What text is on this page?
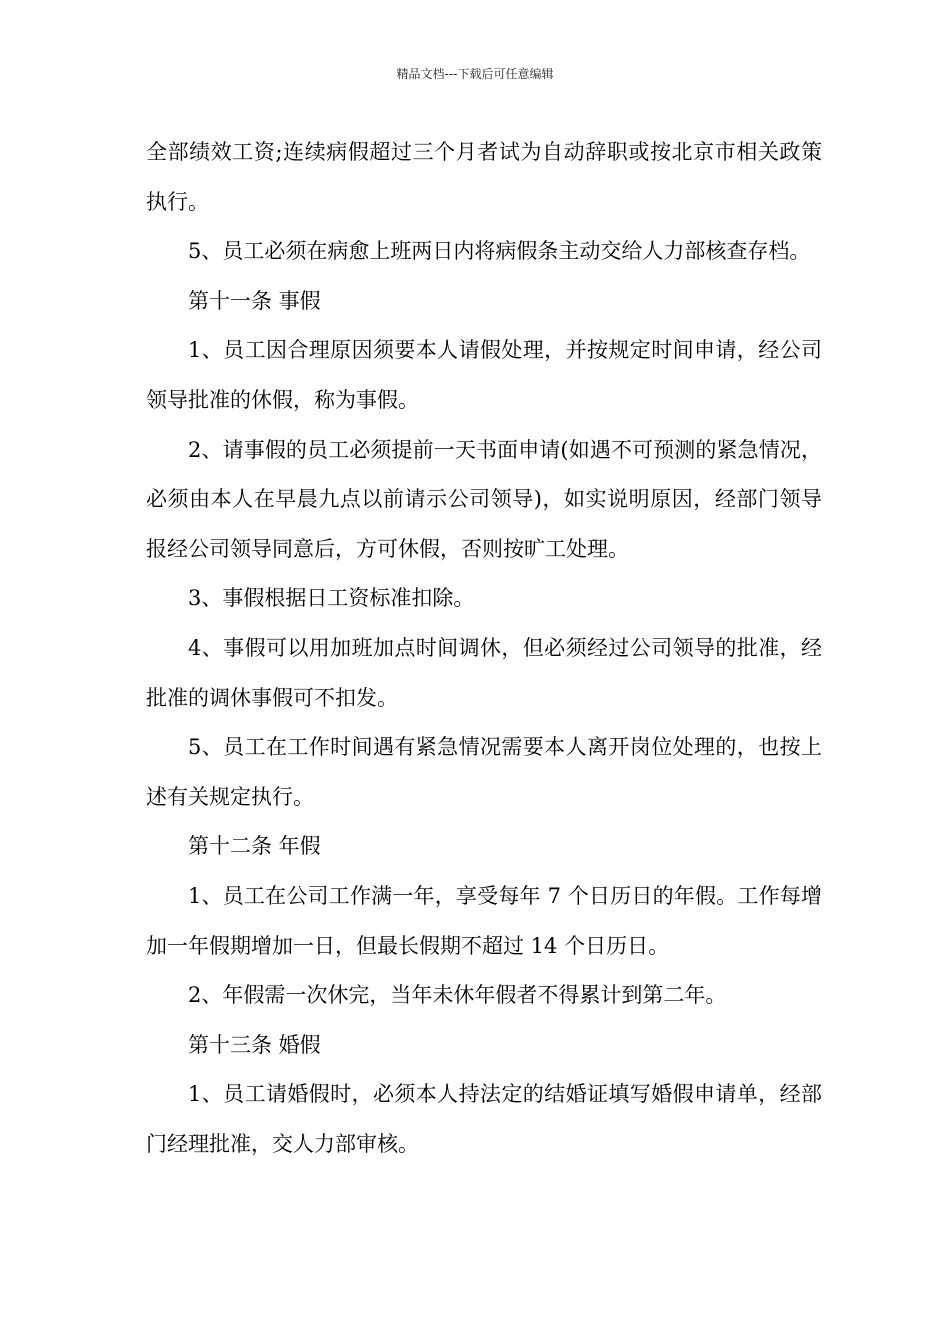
精品文档---下载后可任意编辑

全部绩效工资;连续病假超过三个月者试为自动辞职或按北京市相关政策执行。

5、员工必须在病愈上班两日内将病假条主动交给人力部核查存档。

第十一条 事假

1、员工因合理原因须要本人请假处理，并按规定时间申请，经公司领导批准的休假，称为事假。

2、请事假的员工必须提前一天书面申请(如遇不可预测的紧急情况，必须由本人在早晨九点以前请示公司领导)，如实说明原因，经部门领导报经公司领导同意后，方可休假，否则按旷工处理。

3、事假根据日工资标准扣除。

4、事假可以用加班加点时间调休，但必须经过公司领导的批准，经批准的调休事假可不扣发。

5、员工在工作时间遇有紧急情况需要本人离开岗位处理的，也按上述有关规定执行。

第十二条 年假

1、员工在公司工作满一年，享受每年 7 个日历日的年假。工作每增加一年假期增加一日，但最长假期不超过 14 个日历日。

2、年假需一次休完，当年未休年假者不得累计到第二年。

第十三条 婚假

1、员工请婚假时，必须本人持法定的结婚证填写婚假申请单，经部门经理批准，交人力部审核。
